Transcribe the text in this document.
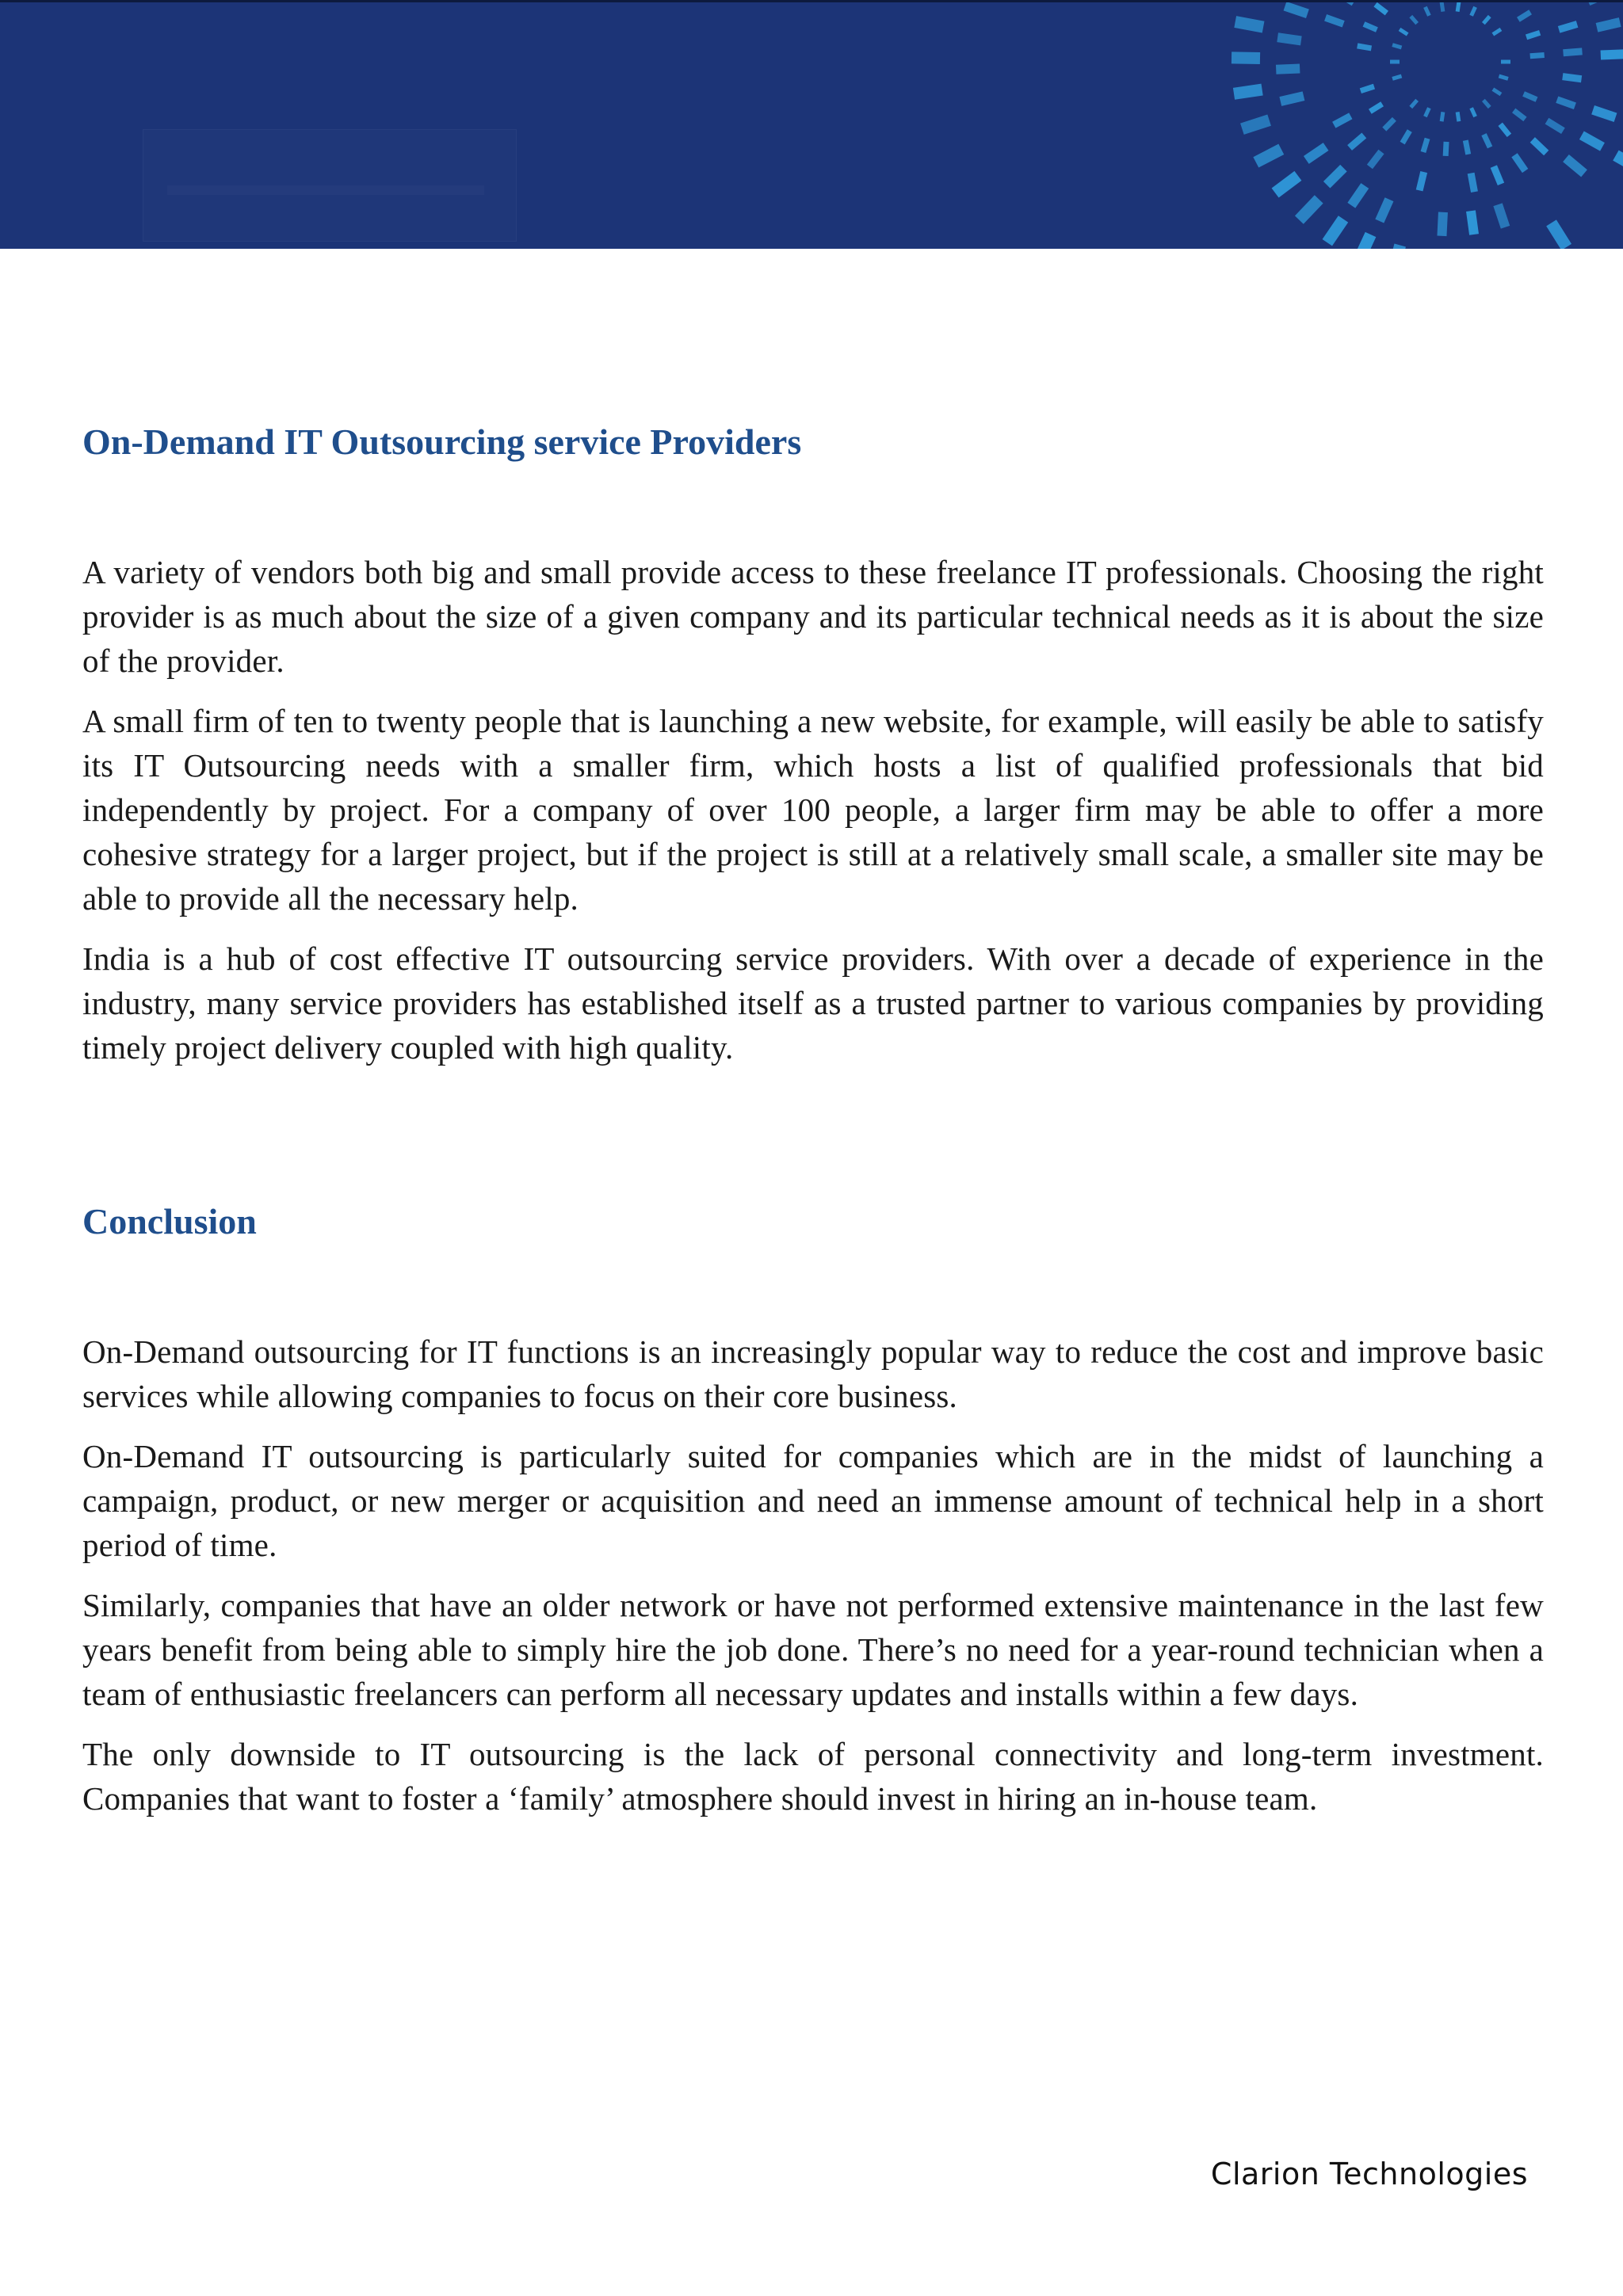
On-Demand IT Outsourcing service Providers

A variety of vendors both big and small provide access to these freelance IT professionals. Choosing the right provider is as much about the size of a given company and its particular technical needs as it is about the size of the provider.

A small firm of ten to twenty people that is launching a new website, for example, will easily be able to satisfy its IT Outsourcing needs with a smaller firm, which hosts a list of qualified professionals that bid independently by project. For a company of over 100 people, a larger firm may be able to offer a more cohesive strategy for a larger project, but if the project is still at a relatively small scale, a smaller site may be able to provide all the necessary help.

India is a hub of cost effective IT outsourcing service providers. With over a decade of experience in the industry, many service providers has established itself as a trusted partner to various companies by providing timely project delivery coupled with high quality.

Conclusion

On-Demand outsourcing for IT functions is an increasingly popular way to reduce the cost and improve basic services while allowing companies to focus on their core business.

On-Demand IT outsourcing is particularly suited for companies which are in the midst of launching a campaign, product, or new merger or acquisition and need an immense amount of technical help in a short period of time.

Similarly, companies that have an older network or have not performed extensive maintenance in the last few years benefit from being able to simply hire the job done. There’s no need for a year-round technician when a team of enthusiastic freelancers can perform all necessary updates and installs within a few days.

The only downside to IT outsourcing is the lack of personal connectivity and long-term investment. Companies that want to foster a ‘family’ atmosphere should invest in hiring an in-house team.

Clarion Technologies
